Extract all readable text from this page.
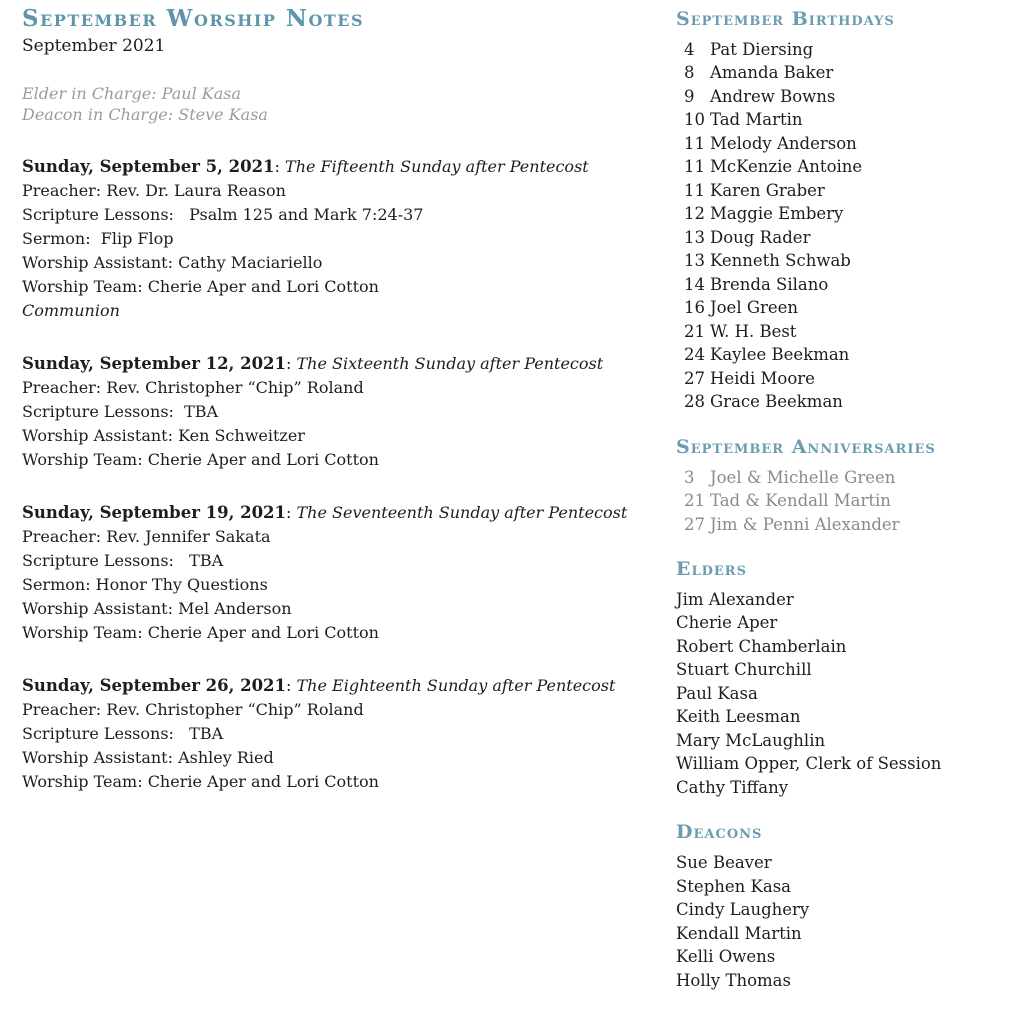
September Worship Notes
September 2021
Elder in Charge: Paul Kasa
Deacon in Charge: Steve Kasa
Sunday, September 5, 2021: The Fifteenth Sunday after Pentecost
Preacher: Rev. Dr. Laura Reason
Scripture Lessons:   Psalm 125 and Mark 7:24-37
Sermon:  Flip Flop
Worship Assistant: Cathy Maciariello
Worship Team: Cherie Aper and Lori Cotton
Communion
Sunday, September 12, 2021: The Sixteenth Sunday after Pentecost
Preacher: Rev. Christopher “Chip” Roland
Scripture Lessons:  TBA
Worship Assistant: Ken Schweitzer
Worship Team: Cherie Aper and Lori Cotton
Sunday, September 19, 2021: The Seventeenth Sunday after Pentecost
Preacher: Rev. Jennifer Sakata
Scripture Lessons:   TBA
Sermon: Honor Thy Questions
Worship Assistant: Mel Anderson
Worship Team: Cherie Aper and Lori Cotton
Sunday, September 26, 2021: The Eighteenth Sunday after Pentecost
Preacher: Rev. Christopher “Chip” Roland
Scripture Lessons:   TBA
Worship Assistant: Ashley Ried
Worship Team: Cherie Aper and Lori Cotton
September Birthdays
4 Pat Diersing
8 Amanda Baker
9 Andrew Bowns
10 Tad Martin
11 Melody Anderson
11 McKenzie Antoine
11 Karen Graber
12 Maggie Embery
13 Doug Rader
13 Kenneth Schwab
14 Brenda Silano
16 Joel Green
21 W. H. Best
24 Kaylee Beekman
27 Heidi Moore
28 Grace Beekman
September Anniversaries
3 Joel & Michelle Green
21 Tad & Kendall Martin
27 Jim & Penni Alexander
Elders
Jim Alexander
Cherie Aper
Robert Chamberlain
Stuart Churchill
Paul Kasa
Keith Leesman
Mary McLaughlin
William Opper, Clerk of Session
Cathy Tiffany
Deacons
Sue Beaver
Stephen Kasa
Cindy Laughery
Kendall Martin
Kelli Owens
Holly Thomas
